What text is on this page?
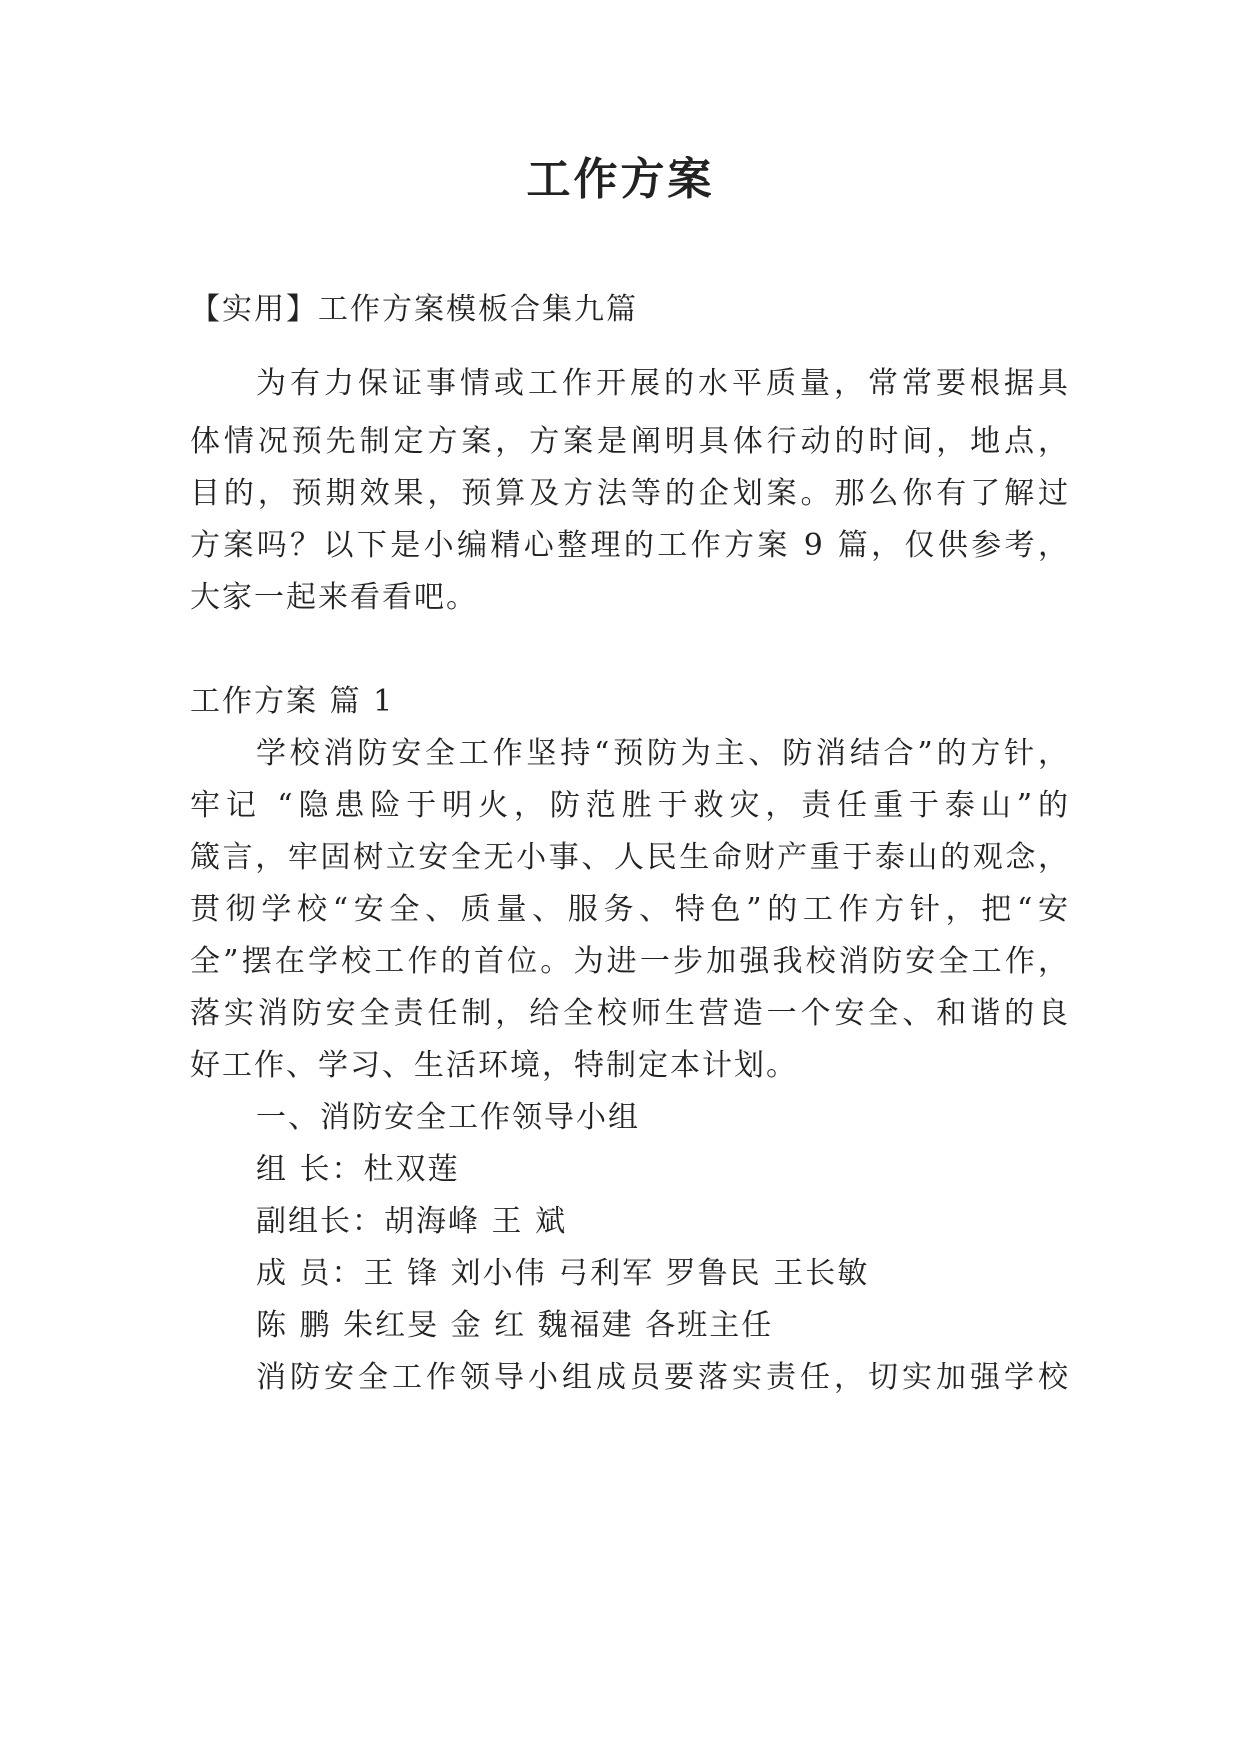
工作方案

【实用】工作方案模板合集九篇

为有力保证事情或工作开展的水平质量，常常要根据具

体情况预先制定方案，方案是阐明具体行动的时间，地点，

目的，预期效果，预算及方法等的企划案。那么你有了解过

方案吗？以下是小编精心整理的工作方案 9 篇，仅供参考，

大家一起来看看吧。

工作方案 篇 1

学校消防安全工作坚持“预防为主、防消结合”的方针，

牢记 “隐患险于明火，防范胜于救灾，责任重于泰山”的

箴言，牢固树立安全无小事、人民生命财产重于泰山的观念，

贯彻学校“安全、质量、服务、特色”的工作方针，把“安

全”摆在学校工作的首位。为进一步加强我校消防安全工作，

落实消防安全责任制，给全校师生营造一个安全、和谐的良

好工作、学习、生活环境，特制定本计划。

一、消防安全工作领导小组

组 长：杜双莲

副组长：胡海峰 王 斌

成 员：王 锋 刘小伟 弓利军 罗鲁民 王长敏

陈 鹏 朱红旻 金 红 魏福建 各班主任

消防安全工作领导小组成员要落实责任，切实加强学校
